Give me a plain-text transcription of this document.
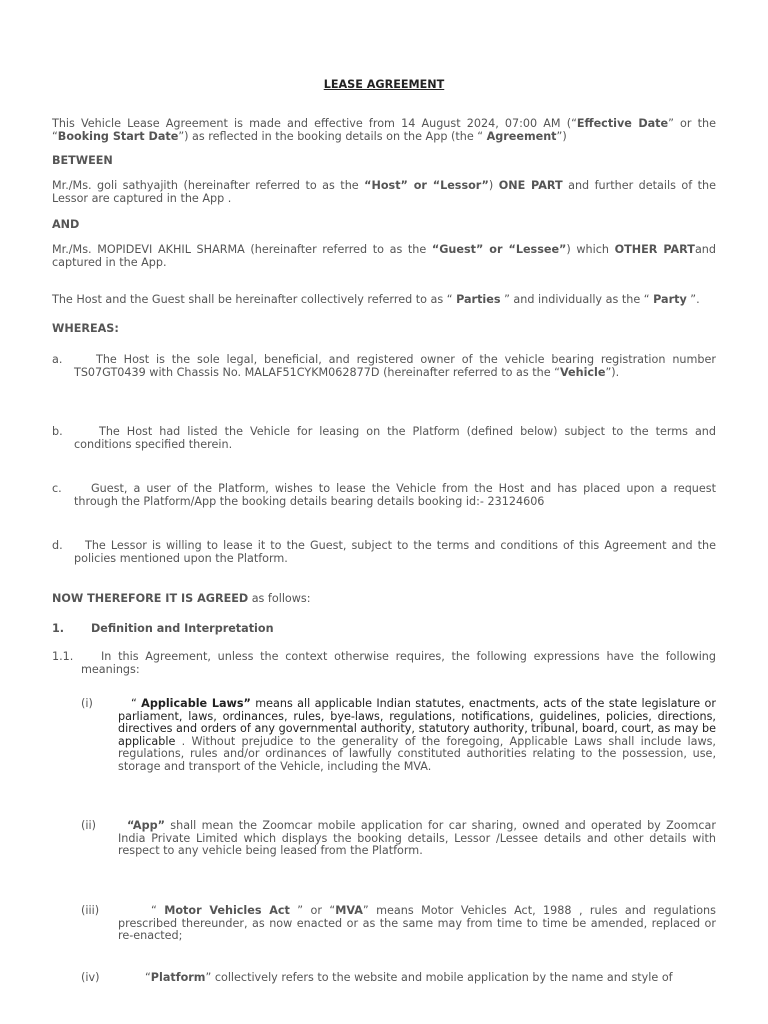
LEASE AGREEMENT

This Vehicle Lease Agreement is made and effective from 14 August 2024, 07:00 AM (“Effective Date” or the “Booking Start Date”) as reflected in the booking details on the App (the “ Agreement”)

BETWEEN

Mr./Ms. goli sathyajith (hereinafter referred to as the “Host” or “Lessor”) ONE PART and further details of the Lessor are captured in the App .

AND

Mr./Ms. MOPIDEVI AKHIL SHARMA (hereinafter referred to as the “Guest” or “Lessee”) which OTHER PARTand captured in the App.

The Host and the Guest shall be hereinafter collectively referred to as “ Parties ” and individually as the “ Party ”.

WHEREAS:

a.	The Host is the sole legal, beneficial, and registered owner of the vehicle bearing registration number TS07GT0439 with Chassis No. MALAF51CYKM062877D (hereinafter referred to as the “Vehicle”).

b.	The Host had listed the Vehicle for leasing on the Platform (defined below) subject to the terms and conditions specified therein.

c.	Guest, a user of the Platform, wishes to lease the Vehicle from the Host and has placed upon a request through the Platform/App the booking details bearing details booking id:- 23124606

d.	The Lessor is willing to lease it to the Guest, subject to the terms and conditions of this Agreement and the policies mentioned upon the Platform.

NOW THEREFORE IT IS AGREED as follows:

1. Definition and Interpretation
1.1.	In this Agreement, unless the context otherwise requires, the following expressions have the following meanings:

(i)	“ Applicable Laws” means all applicable Indian statutes, enactments, acts of the state legislature or parliament, laws, ordinances, rules, bye-laws, regulations, notifications, guidelines, policies, directions, directives and orders of any governmental authority, statutory authority, tribunal, board, court, as may be applicable . Without prejudice to the generality of the foregoing, Applicable Laws shall include laws, regulations, rules and/or ordinances of lawfully constituted authorities relating to the possession, use, storage and transport of the Vehicle, including the MVA.

(ii)	“App” shall mean the Zoomcar mobile application for car sharing, owned and operated by Zoomcar India Private Limited which displays the booking details, Lessor /Lessee details and other details with respect to any vehicle being leased from the Platform.

(iii)	“ Motor Vehicles Act ” or “MVA” means Motor Vehicles Act, 1988 , rules and regulations prescribed thereunder, as now enacted or as the same may from time to time be amended, replaced or re-enacted;

(iv)	“Platform” collectively refers to the website and mobile application by the name and style of
